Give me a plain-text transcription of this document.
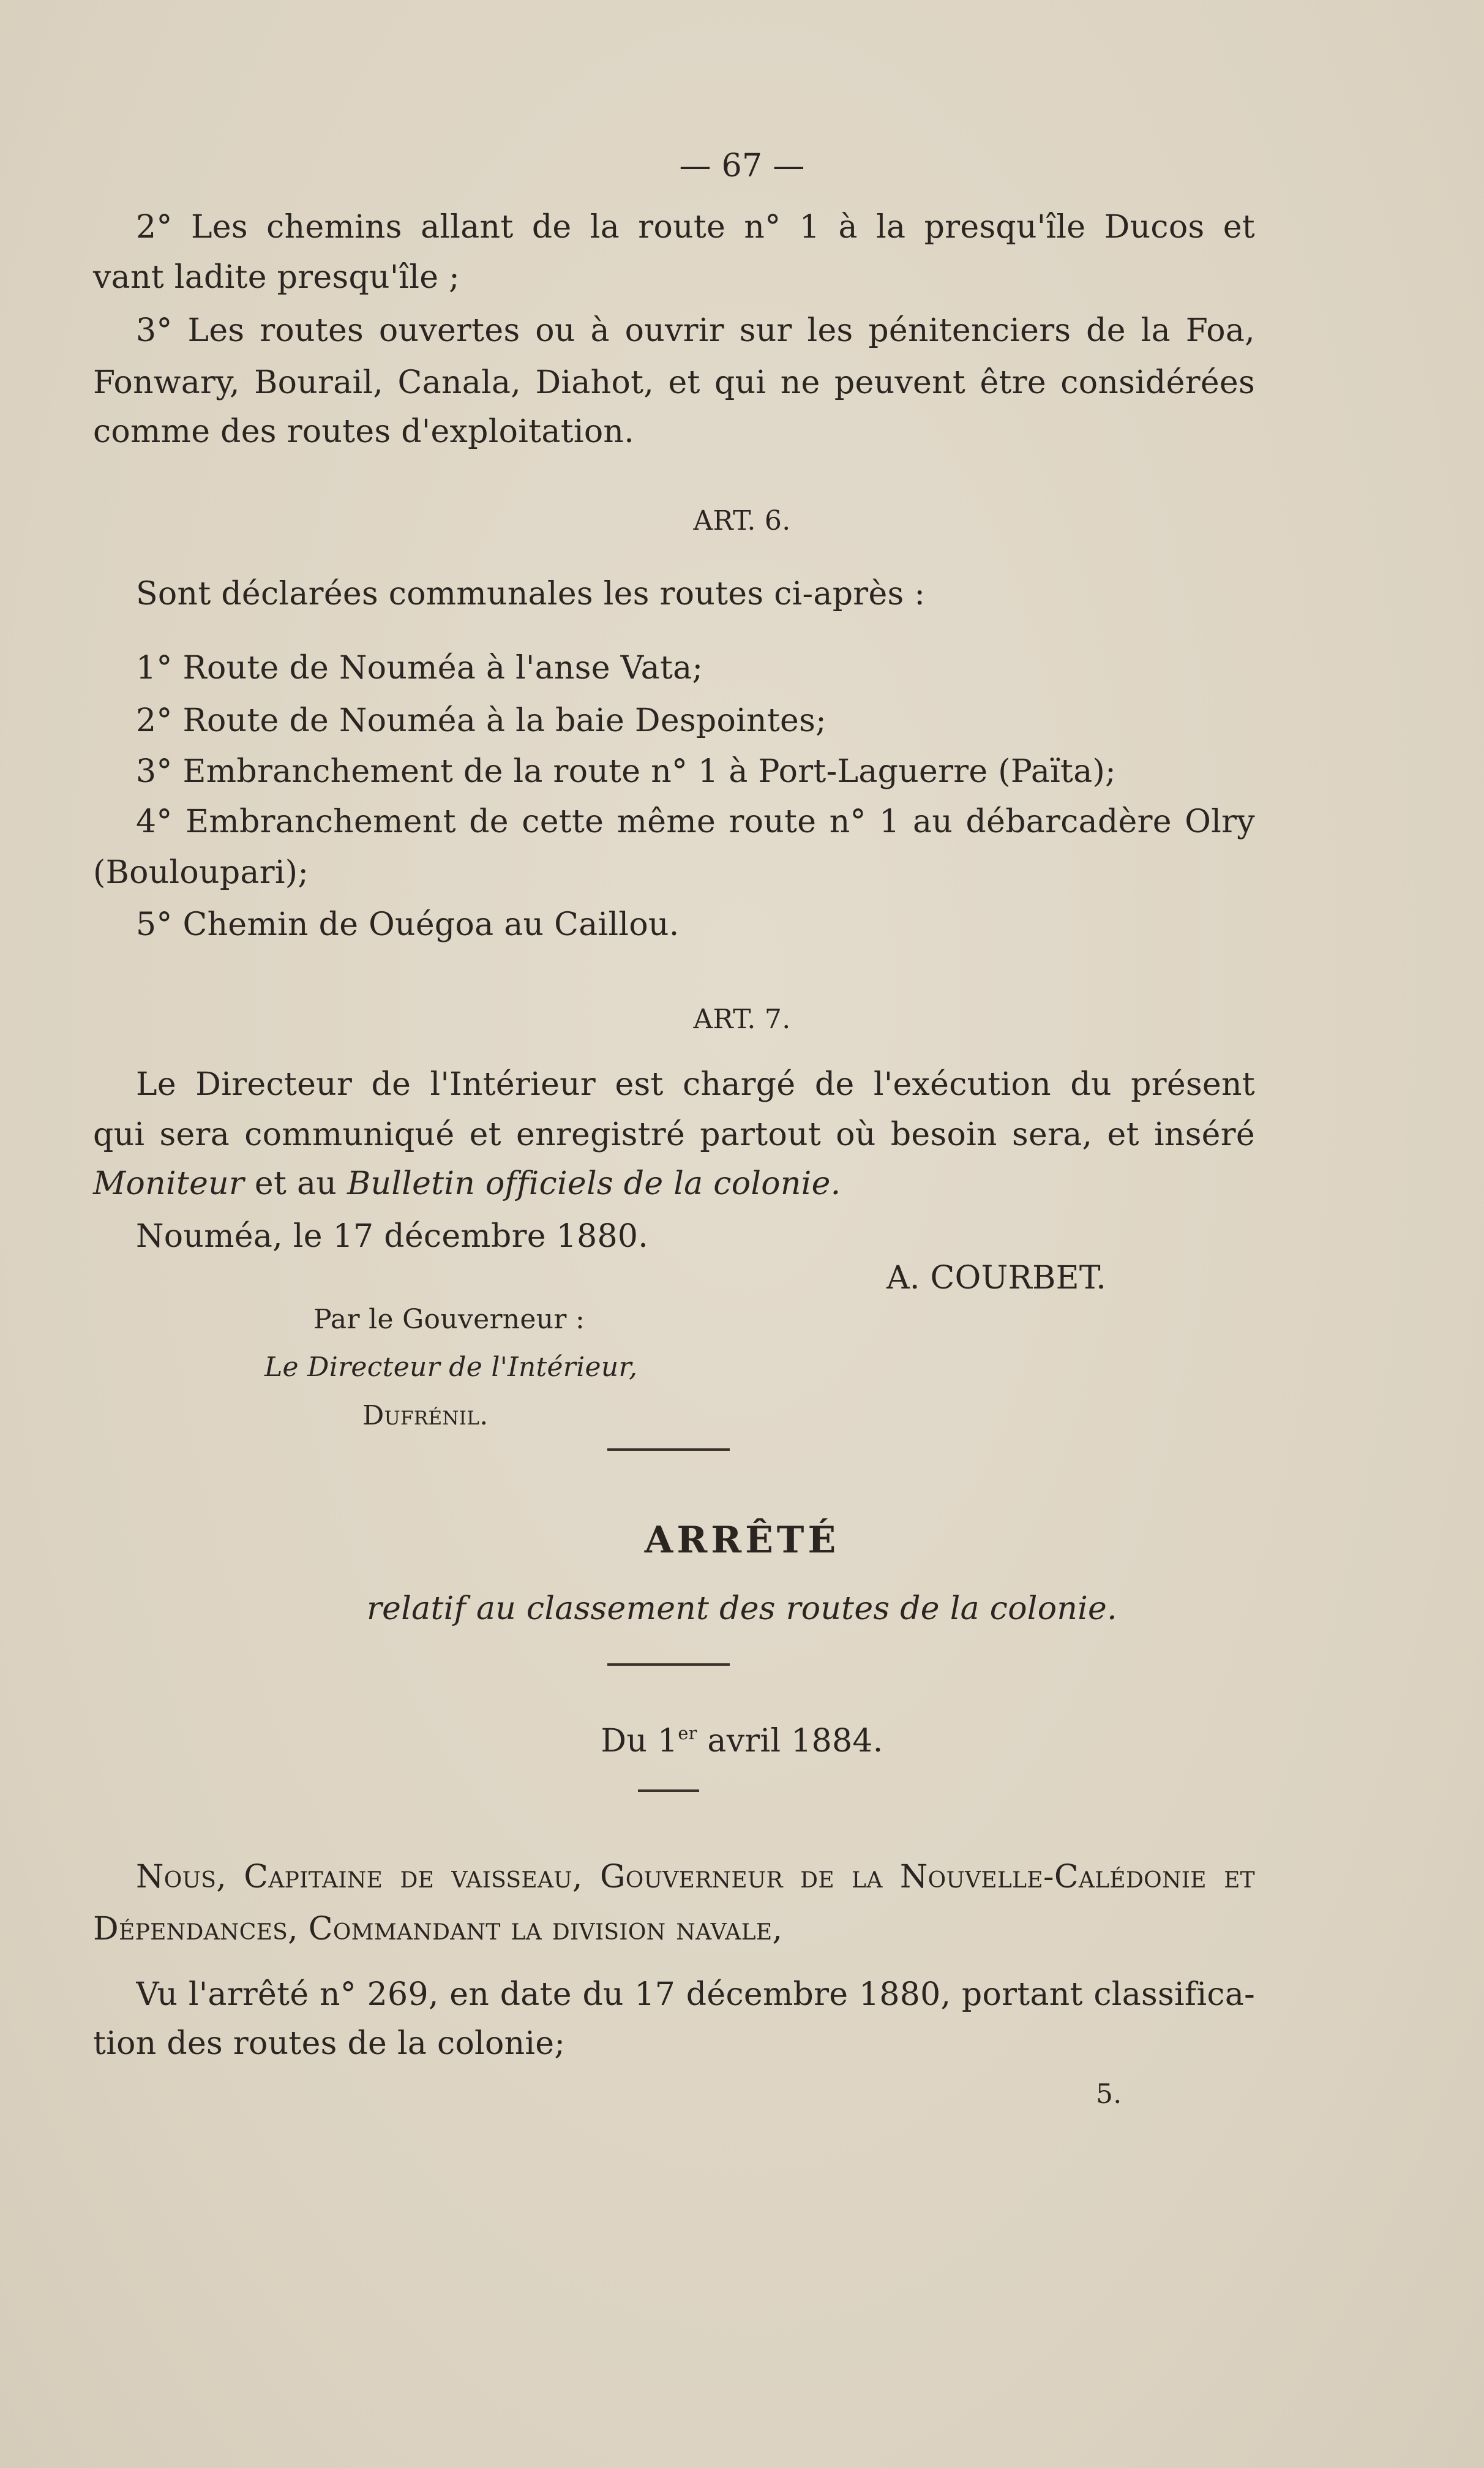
— 67 —
2° Les chemins allant de la route n° 1 à la presqu'île Ducos et
vant ladite presqu'île ;
3° Les routes ouvertes ou à ouvrir sur les pénitenciers de la Foa,
Fonwary, Bourail, Canala, Diahot, et qui ne peuvent être considérées
comme des routes d'exploitation.
ART. 6.
Sont déclarées communales les routes ci-après :
1° Route de Nouméa à l'anse Vata;
2° Route de Nouméa à la baie Despointes;
3° Embranchement de la route n° 1 à Port-Laguerre (Païta);
4° Embranchement de cette même route n° 1 au débarcadère Olry
(Bouloupari);
5° Chemin de Ouégoa au Caillou.
ART. 7.
Le Directeur de l'Intérieur est chargé de l'exécution du présent
qui sera communiqué et enregistré partout où besoin sera, et inséré
Moniteur et au Bulletin officiels de la colonie.
Nouméa, le 17 décembre 1880.
A. COURBET.
Par le Gouverneur :
Le Directeur de l'Intérieur,
Dufrénil.
ARRÊTÉ
relatif au classement des routes de la colonie.
Du 1er avril 1884.
Nous, Capitaine de vaisseau, Gouverneur de la Nouvelle-Calédonie et
Dépendances, Commandant la division navale,
Vu l'arrêté n° 269, en date du 17 décembre 1880, portant classifica-
tion des routes de la colonie;
5.
